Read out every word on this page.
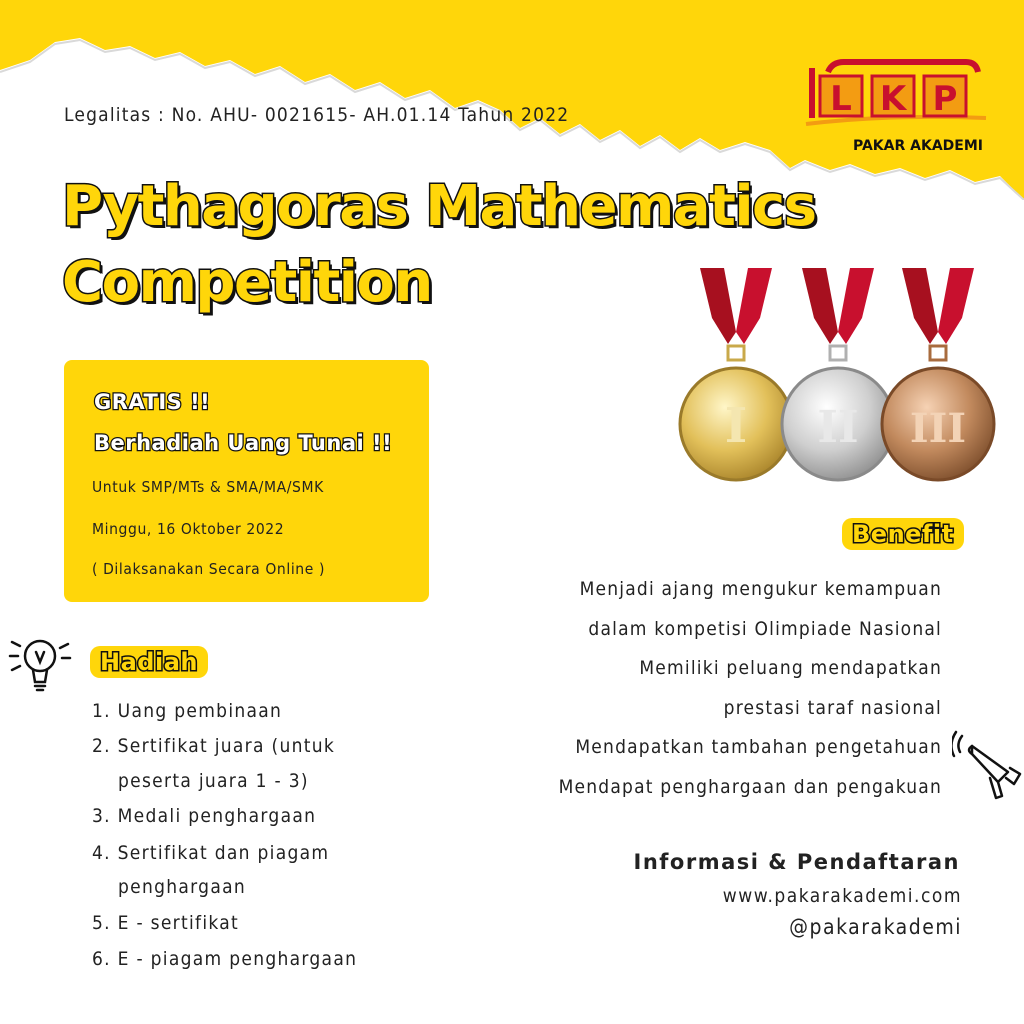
Legalitas : No. AHU- 0021615- AH.01.14 Tahun 2022	L K P
PAKAR AKADEMI
Pythagoras Mathematics
Competition
GRATIS !!
Berhadiah Uang Tunai !!
Untuk SMP/MTs & SMA/MA/SMK
Minggu, 16 Oktober 2022
( Dilaksanakan Secara Online )
I II III
Benefit
Menjadi ajang mengukur kemampuan
dalam kompetisi Olimpiade Nasional
Memiliki peluang mendapatkan
prestasi taraf nasional
Mendapatkan tambahan pengetahuan
Mendapat penghargaan dan pengakuan
Hadiah
1. Uang pembinaan
2. Sertifikat juara (untuk
peserta juara 1 - 3)
3. Medali penghargaan
4. Sertifikat dan piagam
penghargaan
5. E - sertifikat
6. E - piagam penghargaan
Informasi & Pendaftaran
www.pakarakademi.com
@pakarakademi
